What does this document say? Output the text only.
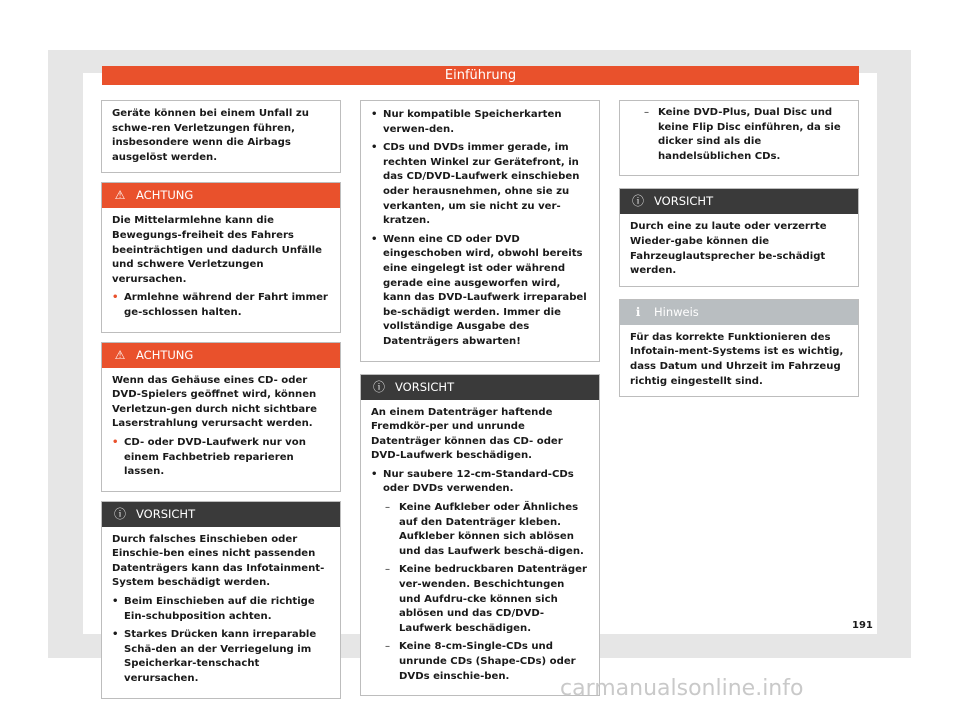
Einführung
Geräte können bei einem Unfall zu schwe-ren Verletzungen führen, insbesondere wenn die Airbags ausgelöst werden.
⚠ ACHTUNG

Die Mittelarmlehne kann die Bewegungs-freiheit des Fahrers beeinträchtigen und dadurch Unfälle und schwere Verletzungen verursachen.

• Armlehne während der Fahrt immer ge-schlossen halten.
⚠ ACHTUNG

Wenn das Gehäuse eines CD- oder DVD-Spielers geöffnet wird, können Verletzun-gen durch nicht sichtbare Laserstrahlung verursacht werden.

• CD- oder DVD-Laufwerk nur von einem Fachbetrieb reparieren lassen.
ⓘ VORSICHT

Durch falsches Einschieben oder Einschie-ben eines nicht passenden Datenträgers kann das Infotainment-System beschädigt werden.

• Beim Einschieben auf die richtige Ein-schubposition achten.
• Starkes Drücken kann irreparable Schä-den an der Verriegelung im Speicherkar-tenschacht verursachen.
• Nur kompatible Speicherkarten verwen-den.
• CDs und DVDs immer gerade, im rechten Winkel zur Gerätefront, in das CD/DVD-Laufwerk einschieben oder herausnehmen, ohne sie zu verkanten, um sie nicht zu ver-kratzen.
• Wenn eine CD oder DVD eingeschoben wird, obwohl bereits eine eingelegt ist oder während gerade eine ausgeworfen wird, kann das DVD-Laufwerk irreparabel be-schädigt werden. Immer die vollständige Ausgabe des Datenträgers abwarten!
ⓘ VORSICHT

An einem Datenträger haftende Fremdkör-per und unrunde Datenträger können das CD- oder DVD-Laufwerk beschädigen.

• Nur saubere 12-cm-Standard-CDs oder DVDs verwenden.
– Keine Aufkleber oder Ähnliches auf den Datenträger kleben. Aufkleber können sich ablösen und das Laufwerk beschä-digen.
– Keine bedruckbaren Datenträger ver-wenden. Beschichtungen und Aufdru-cke können sich ablösen und das CD/DVD-Laufwerk beschädigen.
– Keine 8-cm-Single-CDs und unrunde CDs (Shape-CDs) oder DVDs einschie-ben.
– Keine DVD-Plus, Dual Disc und keine Flip Disc einführen, da sie dicker sind als die handelsüblichen CDs.
ⓘ VORSICHT

Durch eine zu laute oder verzerrte Wieder-gabe können die Fahrzeuglautsprecher be-schädigt werden.

ℹ	Hinweis

Für das korrekte Funktionieren des Infotain-ment-Systems ist es wichtig, dass Datum und Uhrzeit im Fahrzeug richtig eingestellt sind.

191
carmanualsonline.info
